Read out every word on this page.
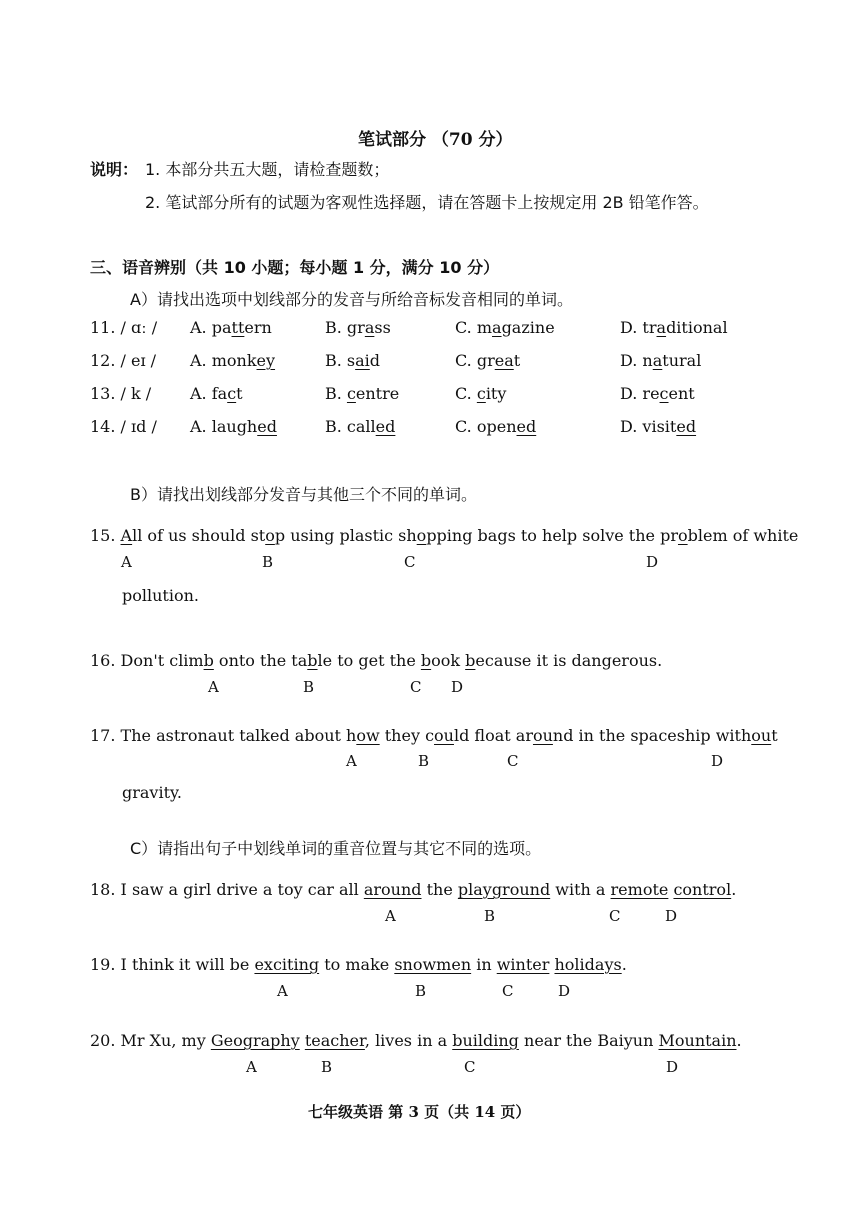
笔试部分 （70 分）
说明： 1. 本部分共五大题，请检查题数；
2. 笔试部分所有的试题为客观性选择题，请在答题卡上按规定用 2B 铅笔作答。
三、语音辨别（共 10 小题；每小题 1 分，满分 10 分）
A）请找出选项中划线部分的发音与所给音标发音相同的单词。
11. / ɑː / A. pattern	B. grass	C. magazine	D. traditional
12. / eɪ / A. monkey	B. said	C. great	D. natural
13. / k / A. fact	B. centre	C. city	D. recent
14. / ɪd / A. laughed	B. called	C. opened	D. visited
B）请找出划线部分发音与其他三个不同的单词。
15. All of us should stop using plastic shopping bags to help solve the problem of white
A	B	C	D
pollution.
16. Don't climb onto the table to get the book because it is dangerous.
A	B	C D
17. The astronaut talked about how they could float around in the spaceship without
A	B	C	D
gravity.
C）请指出句子中划线单词的重音位置与其它不同的选项。
18. I saw a girl drive a toy car all around the playground with a remote control.
A	B	C	D
19. I think it will be exciting to make snowmen in winter holidays.
A	B	C	D
20. Mr Xu, my Geography teacher, lives in a building near the Baiyun Mountain.
A	B	C	D
七年级英语 第 3 页（共 14 页）
